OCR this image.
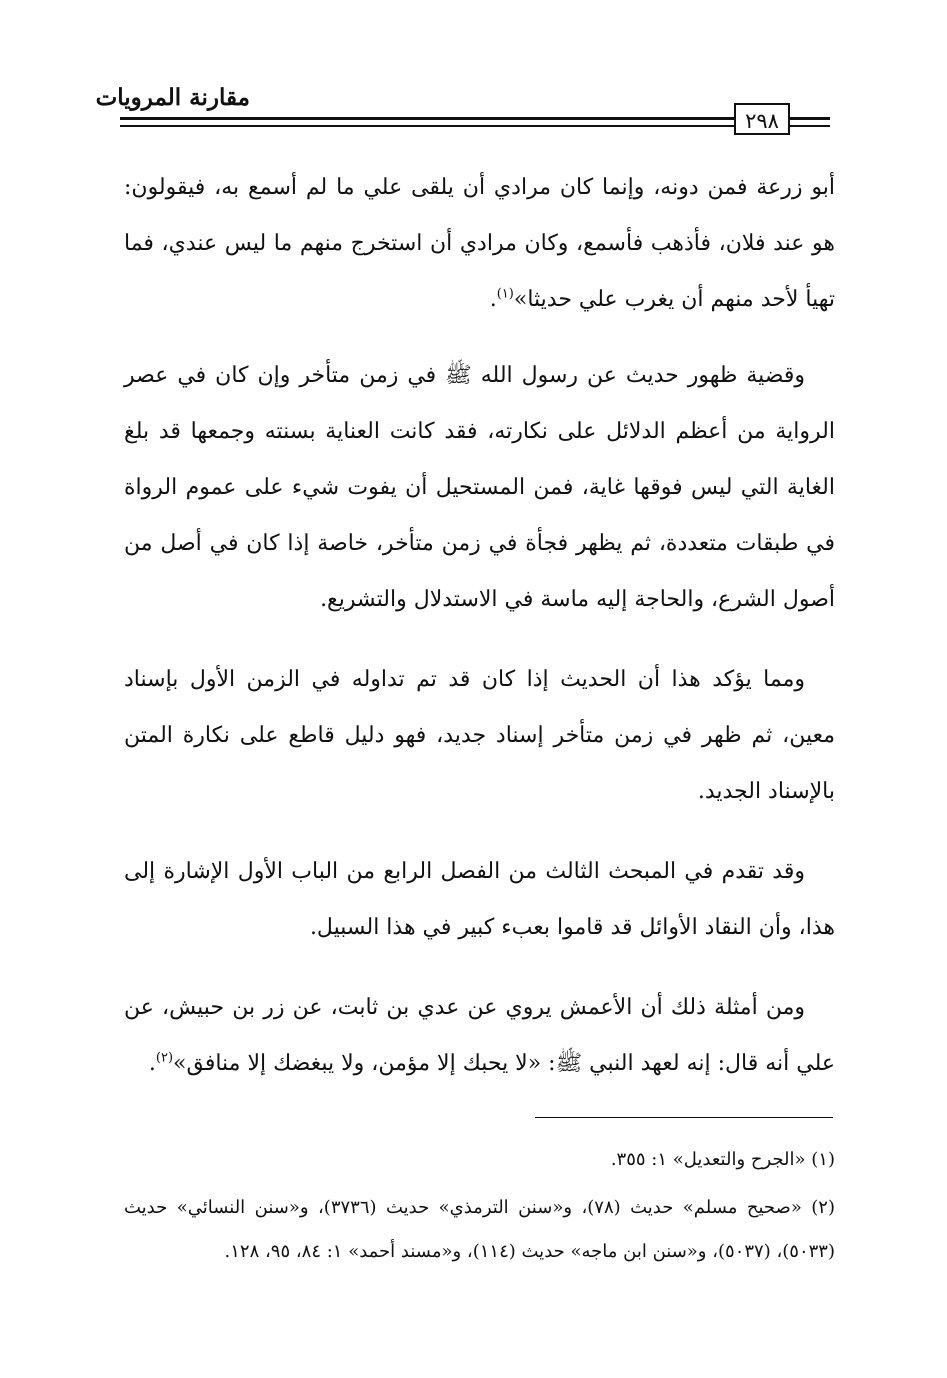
مقارنة المرويات
٢٩٨

أبو زرعة فمن دونه، وإنما كان مرادي أن يلقى علي ما لم أسمع به، فيقولون: هو عند فلان، فأذهب فأسمع، وكان مرادي أن استخرج منهم ما ليس عندي، فما تهيأ لأحد منهم أن يغرب علي حديثا»$^{(١)}$.

وقضية ظهور حديث عن رسول الله ﷺ في زمن متأخر وإن كان في عصر الرواية من أعظم الدلائل على نكارته، فقد كانت العناية بسنته وجمعها قد بلغ الغاية التي ليس فوقها غاية، فمن المستحيل أن يفوت شيء على عموم الرواة في طبقات متعددة، ثم يظهر فجأة في زمن متأخر، خاصة إذا كان في أصل من أصول الشرع، والحاجة إليه ماسة في الاستدلال والتشريع.

ومما يؤكد هذا أن الحديث إذا كان قد تم تداوله في الزمن الأول بإسناد معين، ثم ظهر في زمن متأخر إسناد جديد، فهو دليل قاطع على نكارة المتن بالإسناد الجديد.

وقد تقدم في المبحث الثالث من الفصل الرابع من الباب الأول الإشارة إلى هذا، وأن النقاد الأوائل قد قاموا بعبء كبير في هذا السبيل.

ومن أمثلة ذلك أن الأعمش يروي عن عدي بن ثابت، عن زر بن حبيش، عن علي أنه قال: إنه لعهد النبي ﷺ: «لا يحبك إلا مؤمن، ولا يبغضك إلا منافق»$^{(٢)}$.

(١) «الجرح والتعديل» ١: ٣٥٥.

(٢) «صحيح مسلم» حديث (٧٨)، و«سنن الترمذي» حديث (٣٧٣٦)، و«سنن النسائي» حديث (٥٠٣٣)، (٥٠٣٧)، و«سنن ابن ماجه» حديث (١١٤)، و«مسند أحمد» ١: ٨٤، ٩٥، ١٢٨.
